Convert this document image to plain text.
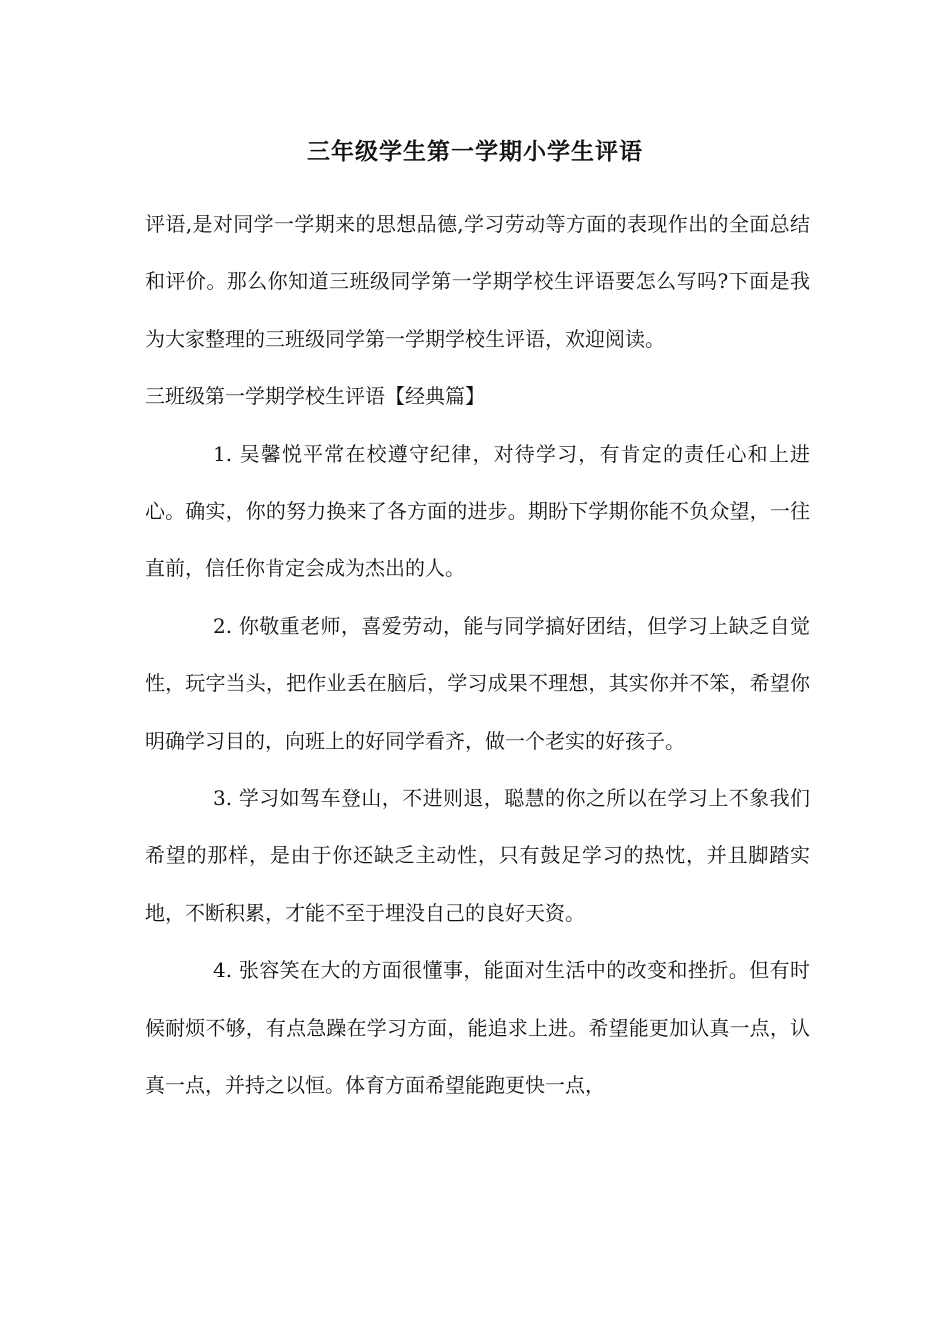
三年级学生第一学期小学生评语

评语,是对同学一学期来的思想品德,学习劳动等方面的表现作出的全面总结和评价。那么你知道三班级同学第一学期学校生评语要怎么写吗?下面是我为大家整理的三班级同学第一学期学校生评语，欢迎阅读。

三班级第一学期学校生评语【经典篇】

1. 吴馨悦平常在校遵守纪律，对待学习，有肯定的责任心和上进心。确实，你的努力换来了各方面的进步。期盼下学期你能不负众望，一往直前，信任你肯定会成为杰出的人。

2. 你敬重老师，喜爱劳动，能与同学搞好团结，但学习上缺乏自觉性，玩字当头，把作业丢在脑后，学习成果不理想，其实你并不笨，希望你明确学习目的，向班上的好同学看齐，做一个老实的好孩子。

3. 学习如驾车登山，不进则退，聪慧的你之所以在学习上不象我们希望的那样，是由于你还缺乏主动性，只有鼓足学习的热忱，并且脚踏实地，不断积累，才能不至于埋没自己的良好天资。

4. 张容笑在大的方面很懂事，能面对生活中的改变和挫折。但有时候耐烦不够，有点急躁在学习方面，能追求上进。希望能更加认真一点，认真一点，并持之以恒。体育方面希望能跑更快一点，
